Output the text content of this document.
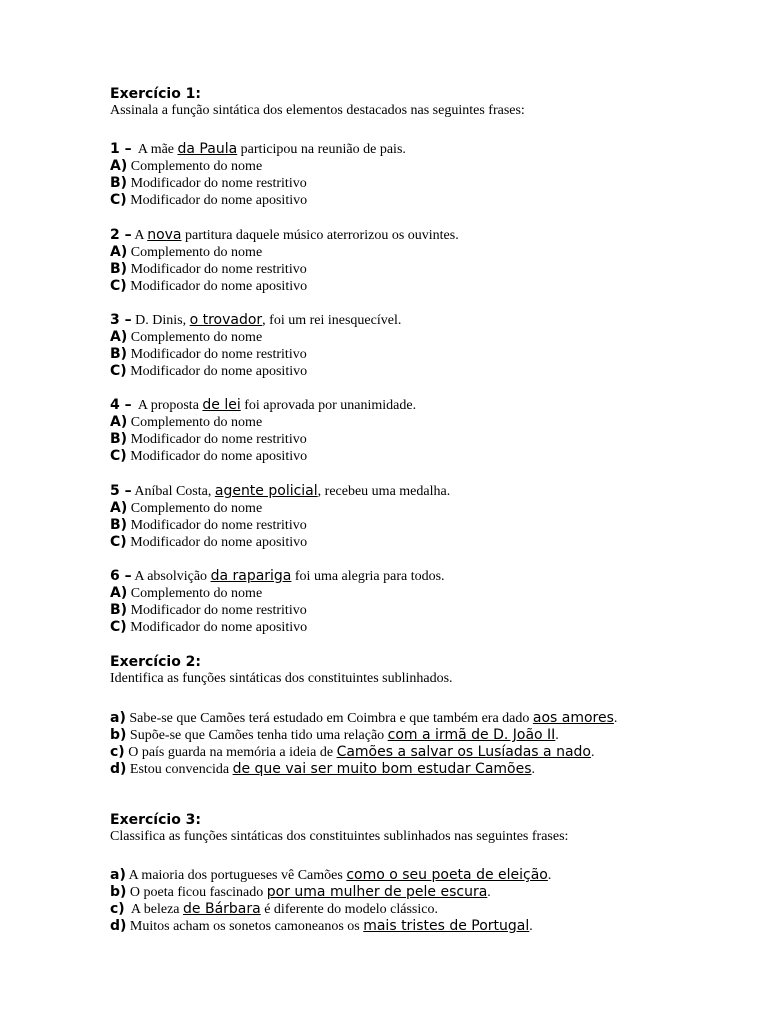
Exercício 1:

Assinala a função sintática dos elementos destacados nas seguintes frases:

1 –  A mãe da Paula participou na reunião de pais.
A) Complemento do nome
B) Modificador do nome restritivo
C) Modificador do nome apositivo
2 – A nova partitura daquele músico aterrorizou os ouvintes.
A) Complemento do nome
B) Modificador do nome restritivo
C) Modificador do nome apositivo
3 – D. Dinis, o trovador, foi um rei inesquecível.
A) Complemento do nome
B) Modificador do nome restritivo
C) Modificador do nome apositivo
4 –  A proposta de lei foi aprovada por unanimidade.
A) Complemento do nome
B) Modificador do nome restritivo
C) Modificador do nome apositivo
5 – Aníbal Costa, agente policial, recebeu uma medalha.
A) Complemento do nome
B) Modificador do nome restritivo
C) Modificador do nome apositivo
6 – A absolvição da rapariga foi uma alegria para todos.
A) Complemento do nome
B) Modificador do nome restritivo
C) Modificador do nome apositivo
Exercício 2:

Identifica as funções sintáticas dos constituintes sublinhados.

a) Sabe-se que Camões terá estudado em Coimbra e que também era dado aos amores.
b) Supõe-se que Camões tenha tido uma relação com a irmã de D. João II.
c) O país guarda na memória a ideia de Camões a salvar os Lusíadas a nado.
d) Estou convencida de que vai ser muito bom estudar Camões.
Exercício 3:

Classifica as funções sintáticas dos constituintes sublinhados nas seguintes frases:

a) A maioria dos portugueses vê Camões como o seu poeta de eleição.
b) O poeta ficou fascinado por uma mulher de pele escura.
c)  A beleza de Bárbara é diferente do modelo clássico.
d) Muitos acham os sonetos camoneanos os mais tristes de Portugal.
